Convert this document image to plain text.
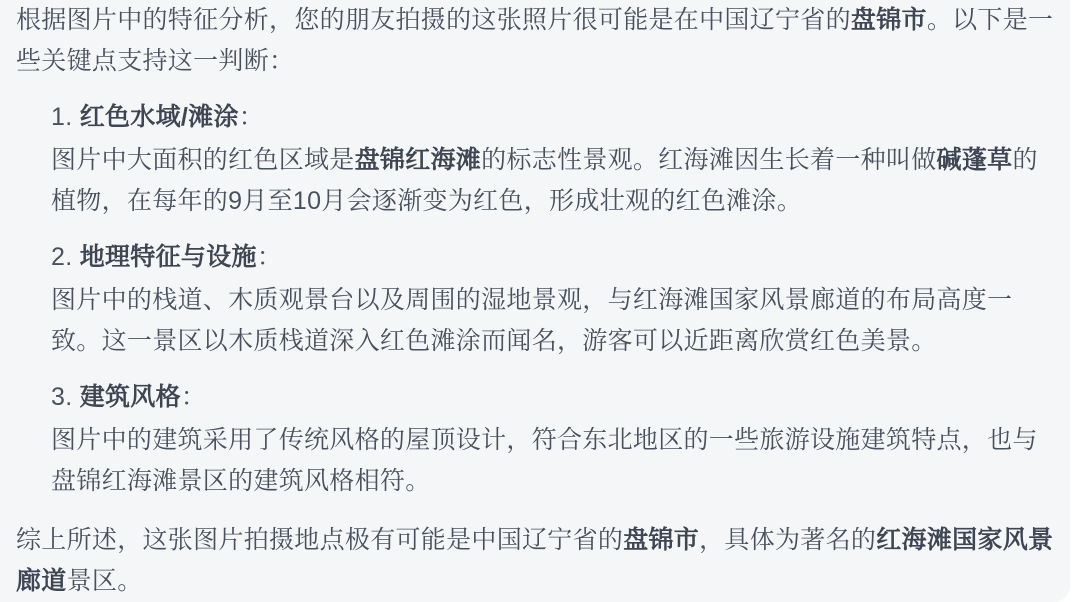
根据图片中的特征分析，您的朋友拍摄的这张照片很可能是在中国辽宁省的盘锦市。以下是一
些关键点支持这一判断：
1. 红色水域/滩涂：
图片中大面积的红色区域是盘锦红海滩的标志性景观。红海滩因生长着一种叫做碱蓬草的
植物，在每年的9月至10月会逐渐变为红色，形成壮观的红色滩涂。
2. 地理特征与设施：
图片中的栈道、木质观景台以及周围的湿地景观，与红海滩国家风景廊道的布局高度一
致。这一景区以木质栈道深入红色滩涂而闻名，游客可以近距离欣赏红色美景。
3. 建筑风格：
图片中的建筑采用了传统风格的屋顶设计，符合东北地区的一些旅游设施建筑特点，也与
盘锦红海滩景区的建筑风格相符。
综上所述，这张图片拍摄地点极有可能是中国辽宁省的盘锦市，具体为著名的红海滩国家风景
廊道景区。
